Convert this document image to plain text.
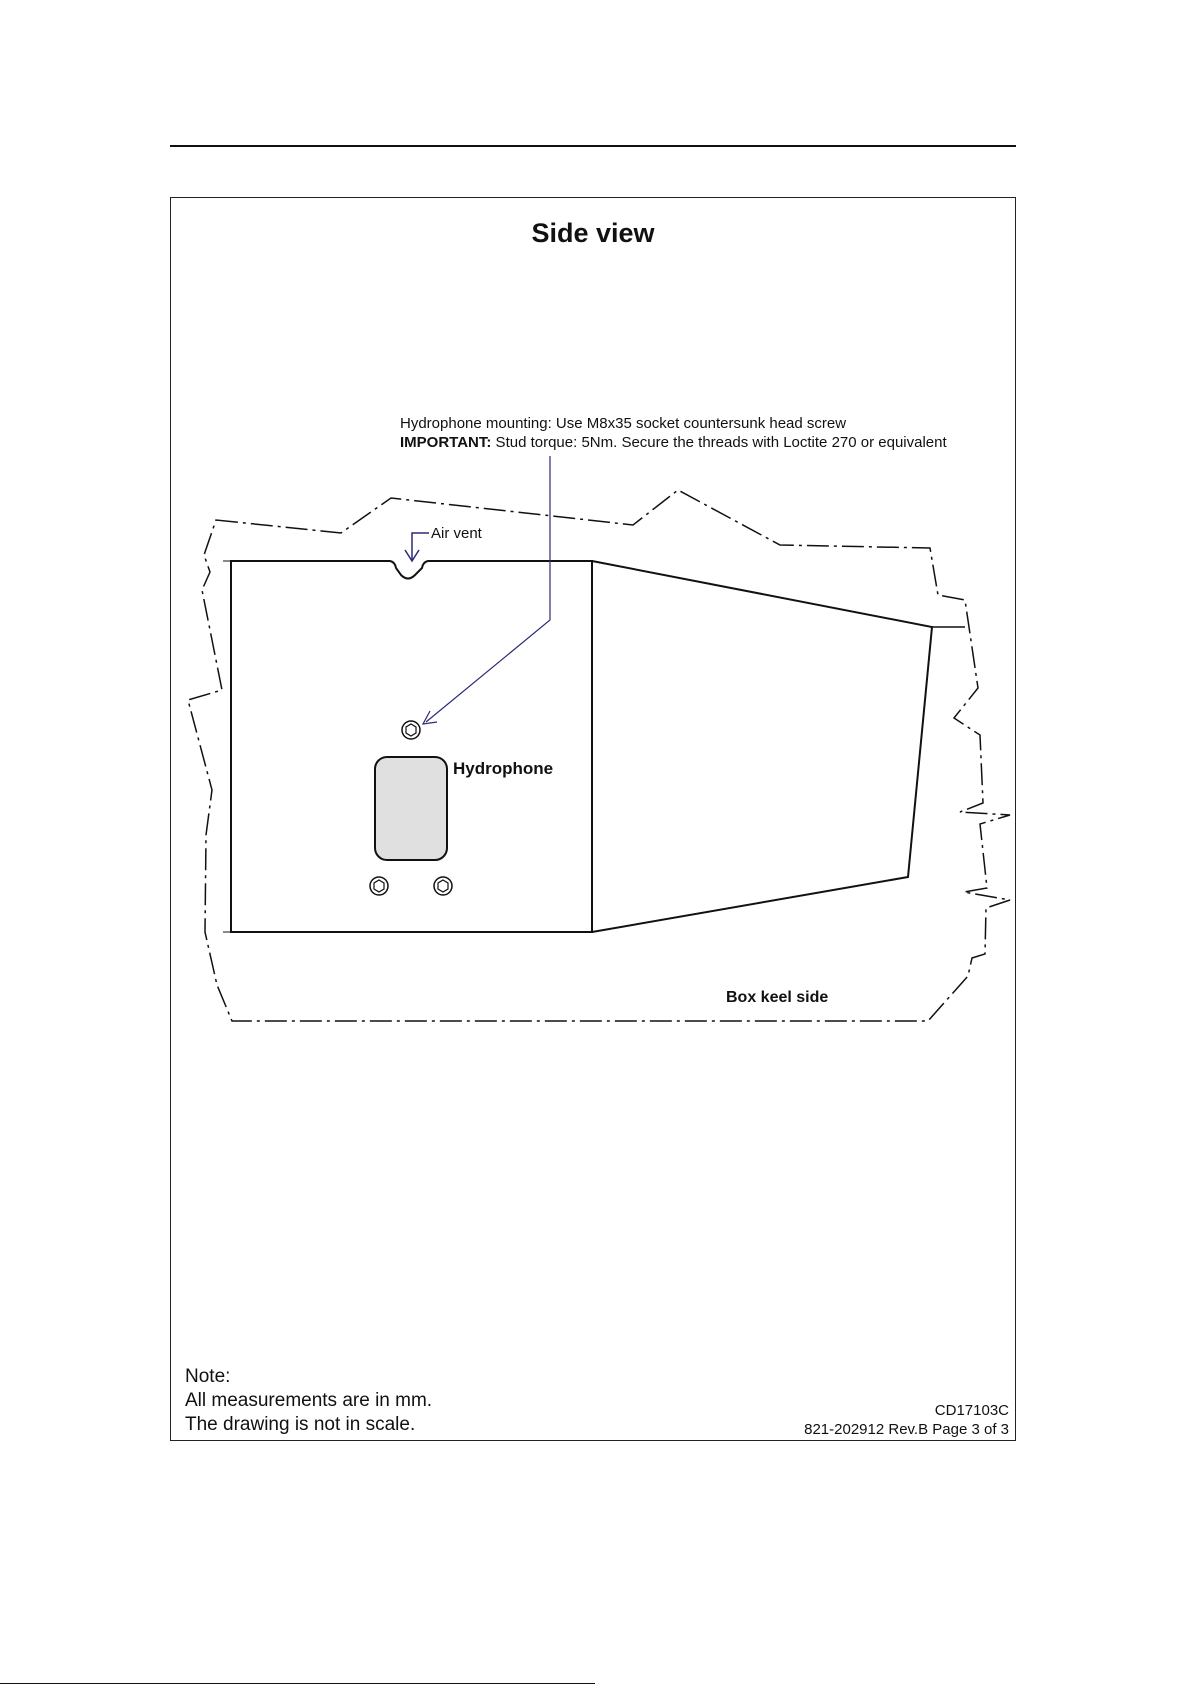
Side view
Hydrophone mounting: Use M8x35 socket countersunk head screw
IMPORTANT: Stud torque: 5Nm. Secure the threads with Loctite 270 or equivalent
Air vent
Hydrophone
Box keel side
Note:
All measurements are in mm.
The drawing is not in scale.
CD17103C
821-202912 Rev.B Page 3 of 3
